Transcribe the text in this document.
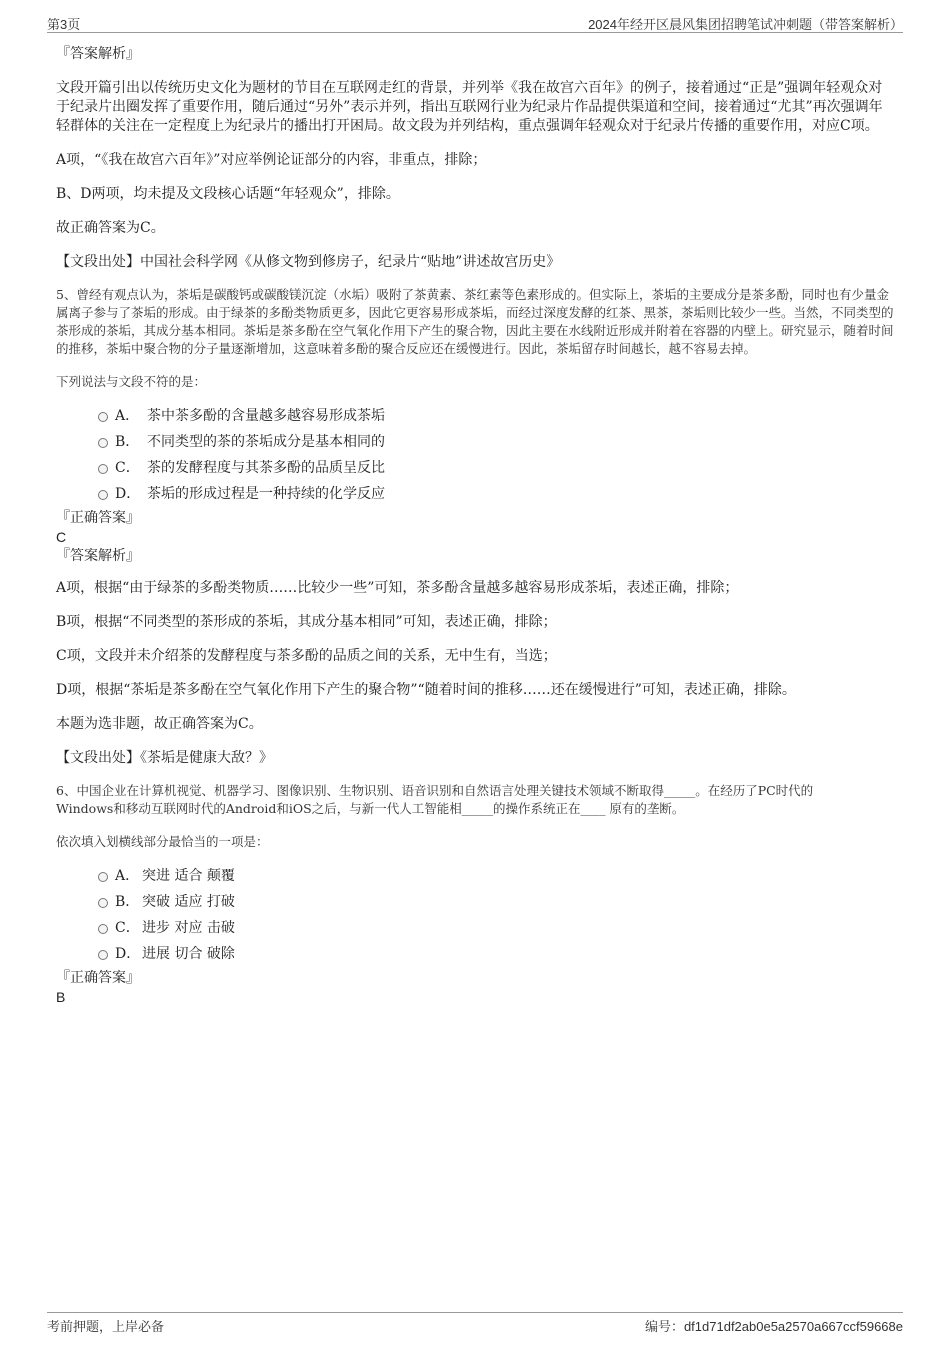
第3页	2024年经开区晨风集团招聘笔试冲刺题（带答案解析）

『答案解析』

文段开篇引出以传统历史文化为题材的节目在互联网走红的背景，并列举《我在故宫六百年》的例子，接着通过“正是”强调年轻观众对于纪录片出圈发挥了重要作用，随后通过“另外”表示并列，指出互联网行业为纪录片作品提供渠道和空间，接着通过“尤其”再次强调年轻群体的关注在一定程度上为纪录片的播出打开困局。故文段为并列结构，重点强调年轻观众对于纪录片传播的重要作用，对应C项。

A项，“《我在故宫六百年》”对应举例论证部分的内容，非重点，排除；

B、D两项，均未提及文段核心话题“年轻观众”，排除。

故正确答案为C。

【文段出处】中国社会科学网《从修文物到修房子，纪录片“贴地”讲述故宫历史》

5、曾经有观点认为，茶垢是碳酸钙或碳酸镁沉淀（水垢）吸附了茶黄素、茶红素等色素形成的。但实际上，茶垢的主要成分是茶多酚，同时也有少量金属离子参与了茶垢的形成。由于绿茶的多酚类物质更多，因此它更容易形成茶垢，而经过深度发酵的红茶、黑茶，茶垢则比较少一些。当然，不同类型的茶形成的茶垢，其成分基本相同。茶垢是茶多酚在空气氧化作用下产生的聚合物，因此主要在水线附近形成并附着在容器的内壁上。研究显示，随着时间的推移，茶垢中聚合物的分子量逐渐增加，这意味着多酚的聚合反应还在缓慢进行。因此，茶垢留存时间越长，越不容易去掉。

下列说法与文段不符的是：

A． 茶中茶多酚的含量越多越容易形成茶垢
B． 不同类型的茶的茶垢成分是基本相同的
C． 茶的发酵程度与其茶多酚的品质呈反比
D． 茶垢的形成过程是一种持续的化学反应

『正确答案』

C

『答案解析』

A项，根据“由于绿茶的多酚类物质……比较少一些”可知，茶多酚含量越多越容易形成茶垢，表述正确，排除；

B项，根据“不同类型的茶形成的茶垢，其成分基本相同”可知，表述正确，排除；

C项，文段并未介绍茶的发酵程度与茶多酚的品质之间的关系，无中生有，当选；

D项，根据“茶垢是茶多酚在空气氧化作用下产生的聚合物”“随着时间的推移……还在缓慢进行”可知，表述正确，排除。

本题为选非题，故正确答案为C。

【文段出处】《茶垢是健康大敌？》

6、中国企业在计算机视觉、机器学习、图像识别、生物识别、语音识别和自然语言处理关键技术领域不断取得_____。在经历了PC时代的

Windows和移动互联网时代的Android和iOS之后，与新一代人工智能相_____的操作系统正在____ 原有的垄断。

依次填入划横线部分最恰当的一项是：

A． 突进 适合 颠覆
B． 突破 适应 打破
C． 进步 对应 击破
D． 进展 切合 破除

『正确答案』

B

考前押题，上岸必备	编号：df1d71df2ab0e5a2570a667ccf59668e
